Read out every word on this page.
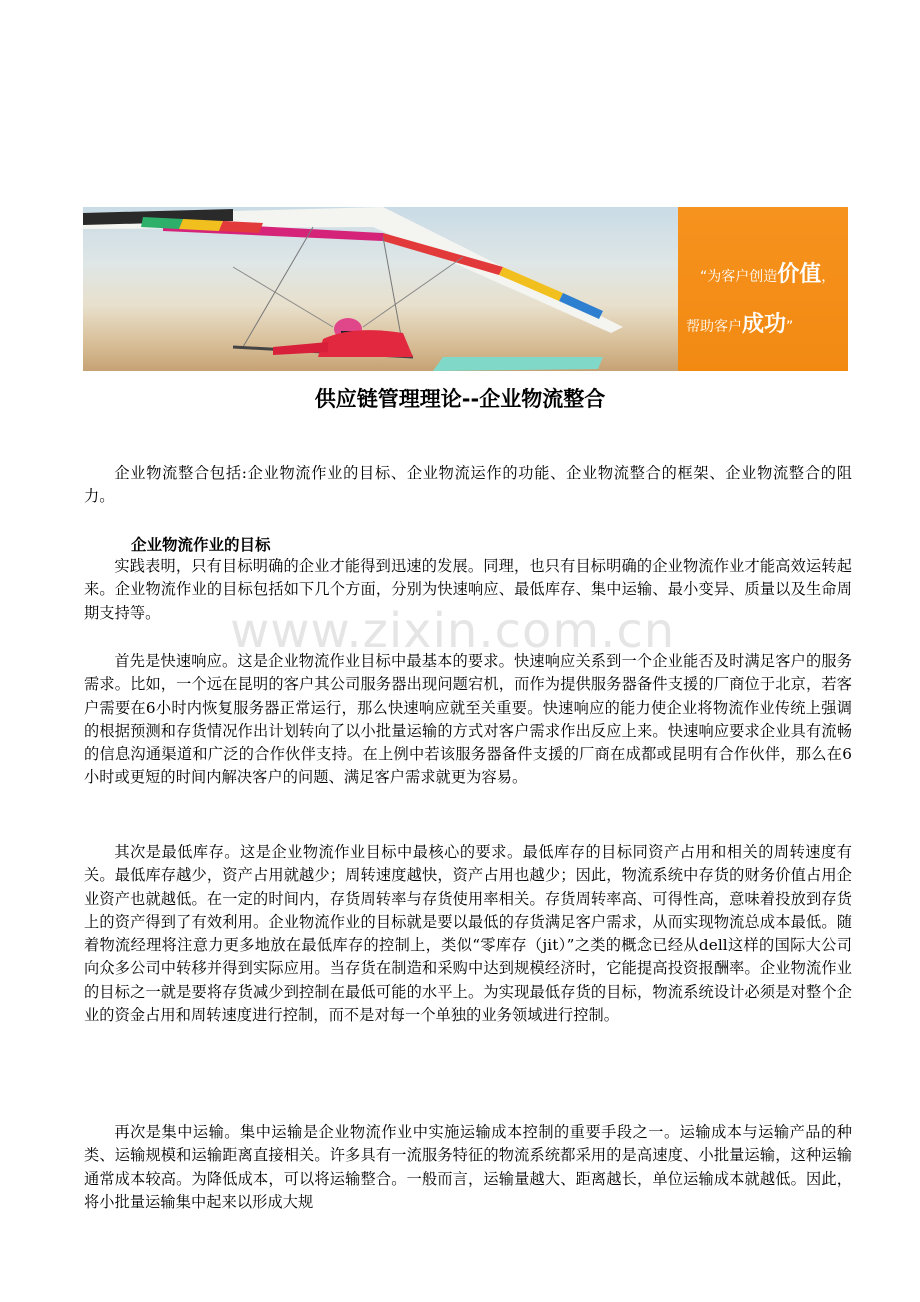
“为客户创造价值，
帮助客户成功”
供应链管理理论--企业物流整合

企业物流整合包括:企业物流作业的目标、企业物流运作的功能、企业物流整合的框架、企业物流整合的阻力。

企业物流作业的目标

实践表明，只有目标明确的企业才能得到迅速的发展。同理，也只有目标明确的企业物流作业才能高效运转起来。企业物流作业的目标包括如下几个方面，分别为快速响应、最低库存、集中运输、最小变异、质量以及生命周期支持等。	www.zixin.com.cn

首先是快速响应。这是企业物流作业目标中最基本的要求。快速响应关系到一个企业能否及时满足客户的服务需求。比如，一个远在昆明的客户其公司服务器出现问题宕机，而作为提供服务器备件支援的厂商位于北京，若客户需要在6小时内恢复服务器正常运行，那么快速响应就至关重要。快速响应的能力使企业将物流作业传统上强调的根据预测和存货情况作出计划转向了以小批量运输的方式对客户需求作出反应上来。快速响应要求企业具有流畅的信息沟通渠道和广泛的合作伙伴支持。在上例中若该服务器备件支援的厂商在成都或昆明有合作伙伴，那么在6小时或更短的时间内解决客户的问题、满足客户需求就更为容易。

其次是最低库存。这是企业物流作业目标中最核心的要求。最低库存的目标同资产占用和相关的周转速度有关。最低库存越少，资产占用就越少；周转速度越快，资产占用也越少；因此，物流系统中存货的财务价值占用企业资产也就越低。在一定的时间内，存货周转率与存货使用率相关。存货周转率高、可得性高，意味着投放到存货上的资产得到了有效利用。企业物流作业的目标就是要以最低的存货满足客户需求，从而实现物流总成本最低。随着物流经理将注意力更多地放在最低库存的控制上，类似“零库存（jit）”之类的概念已经从dell这样的国际大公司向众多公司中转移并得到实际应用。当存货在制造和采购中达到规模经济时，它能提高投资报酬率。企业物流作业的目标之一就是要将存货减少到控制在最低可能的水平上。为实现最低存货的目标，物流系统设计必须是对整个企业的资金占用和周转速度进行控制，而不是对每一个单独的业务领域进行控制。

再次是集中运输。集中运输是企业物流作业中实施运输成本控制的重要手段之一。运输成本与运输产品的种类、运输规模和运输距离直接相关。许多具有一流服务特征的物流系统都采用的是高速度、小批量运输，这种运输通常成本较高。为降低成本，可以将运输整合。一般而言，运输量越大、距离越长，单位运输成本就越低。因此，将小批量运输集中起来以形成大规
